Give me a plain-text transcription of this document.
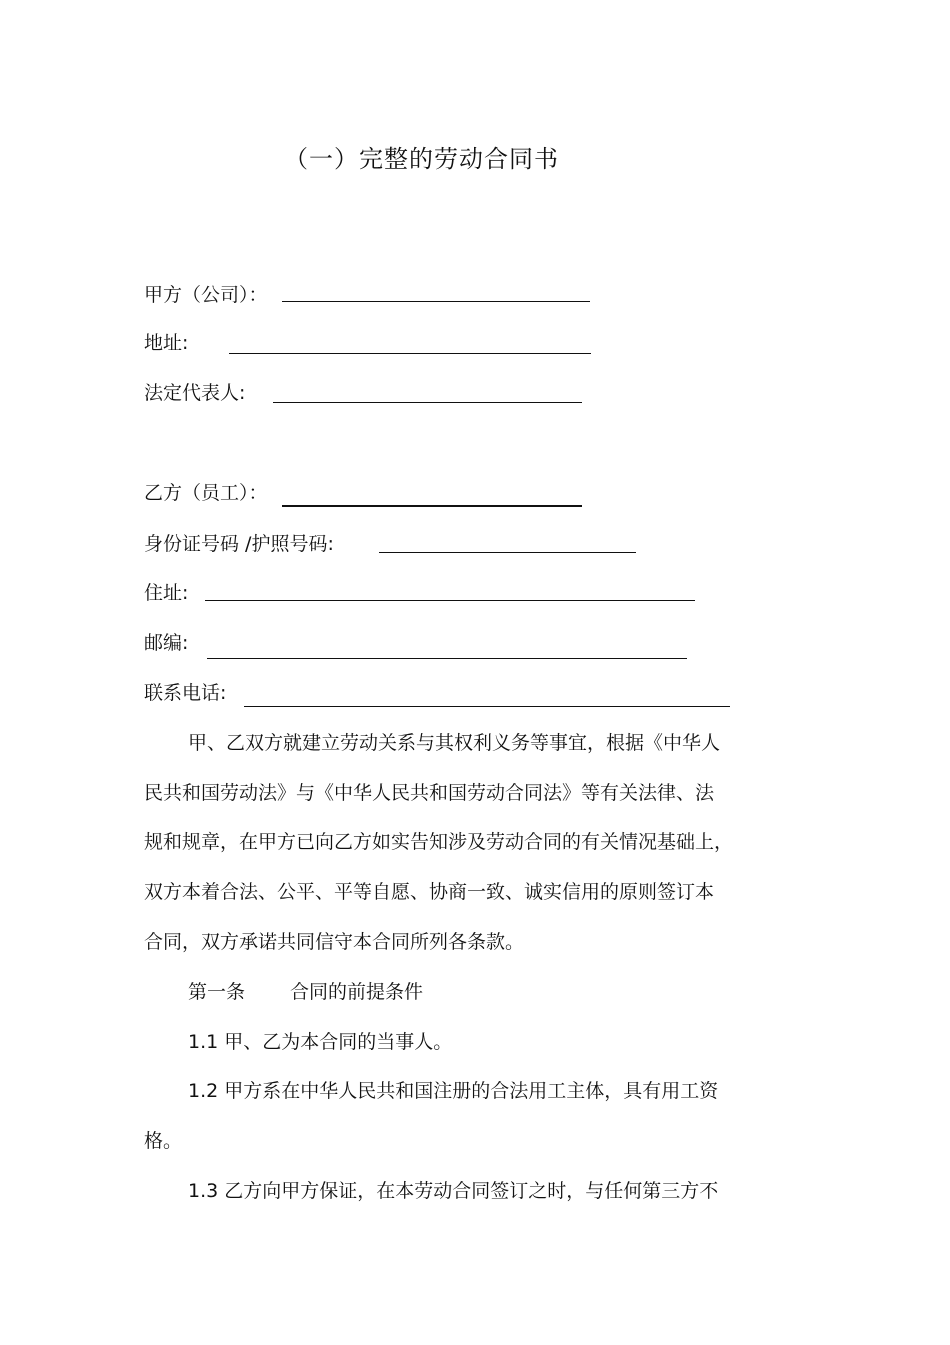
（一）完整的劳动合同书
甲方（公司）：
地址:
法定代表人:
乙方（员工）：
身份证号码 /护照号码:
住址:
邮编:
联系电话:
甲、乙双方就建立劳动关系与其权利义务等事宜，根据《中华人
民共和国劳动法》与《中华人民共和国劳动合同法》等有关法律、法
规和规章，在甲方已向乙方如实告知涉及劳动合同的有关情况基础上，
双方本着合法、公平、平等自愿、协商一致、诚实信用的原则签订本
合同，双方承诺共同信守本合同所列各条款。
第一条 合同的前提条件
1.1 甲、乙为本合同的当事人。
1.2 甲方系在中华人民共和国注册的合法用工主体，具有用工资
格。
1.3 乙方向甲方保证，在本劳动合同签订之时，与任何第三方不
